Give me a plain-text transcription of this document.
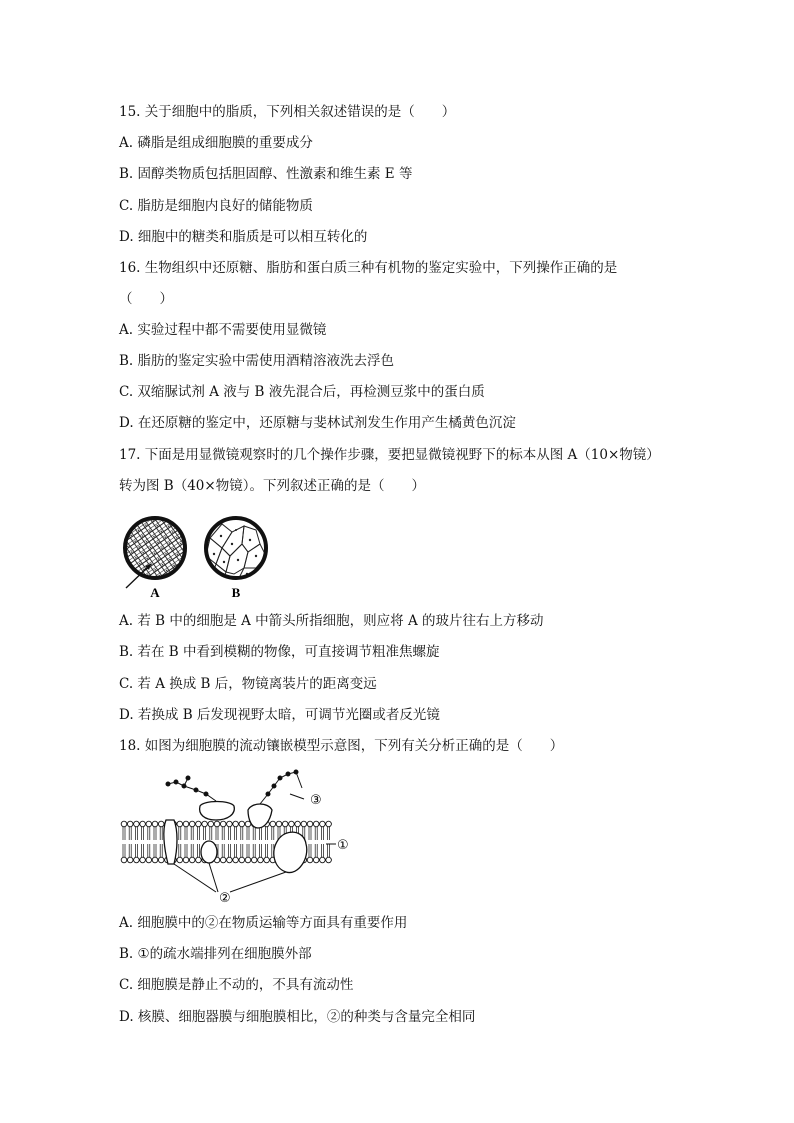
15. 关于细胞中的脂质，下列相关叙述错误的是（　　）
A. 磷脂是组成细胞膜的重要成分
B. 固醇类物质包括胆固醇、性激素和维生素 E 等
C. 脂肪是细胞内良好的储能物质
D. 细胞中的糖类和脂质是可以相互转化的
16. 生物组织中还原糖、脂肪和蛋白质三种有机物的鉴定实验中，下列操作正确的是
（　　）
A. 实验过程中都不需要使用显微镜
B. 脂肪的鉴定实验中需使用酒精溶液洗去浮色
C. 双缩脲试剂 A 液与 B 液先混合后，再检测豆浆中的蛋白质
D. 在还原糖的鉴定中，还原糖与斐林试剂发生作用产生橘黄色沉淀
17. 下面是用显微镜观察时的几个操作步骤，要把显微镜视野下的标本从图 A（10×物镜）
转为图 B（40×物镜）。下列叙述正确的是（　　）
A	B
A. 若 B 中的细胞是 A 中箭头所指细胞，则应将 A 的玻片往右上方移动
B. 若在 B 中看到模糊的物像，可直接调节粗准焦螺旋
C. 若 A 换成 B 后，物镜离装片的距离变远
D. 若换成 B 后发现视野太暗，可调节光圈或者反光镜
18. 如图为细胞膜的流动镶嵌模型示意图，下列有关分析正确的是（　　）
③
①
②
A. 细胞膜中的②在物质运输等方面具有重要作用
B. ①的疏水端排列在细胞膜外部
C. 细胞膜是静止不动的，不具有流动性
D. 核膜、细胞器膜与细胞膜相比，②的种类与含量完全相同
